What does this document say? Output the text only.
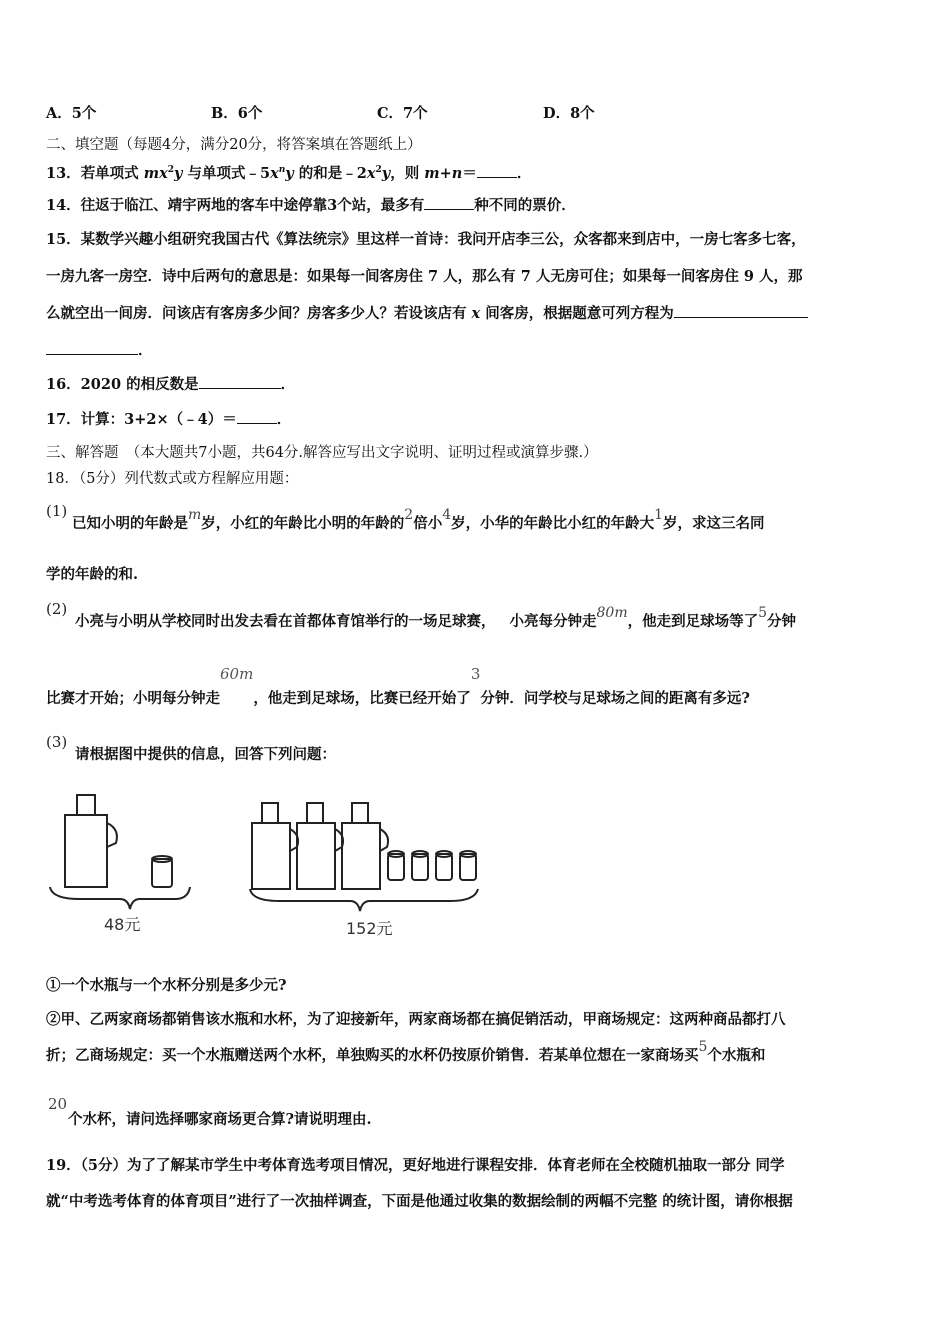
A．5个	B．6个	C．7个	D．8个
二、填空题（每题4分，满分20分，将答案填在答题纸上）
13．若单项式 $mx^2y$ 与单项式$﹣5x^ny$ 的和是$﹣2x^2y$，则 m+n＝	．
14．往返于临江、靖宇两地的客车中途停靠3个站，最多有	种不同的票价．
15．某数学兴趣小组研究我国古代《算法统宗》里这样一首诗：我问开店李三公，众客都来到店中，一房七客多七客，
一房九客一房空．诗中后两句的意思是：如果每一间客房住 7 人，那么有 7 人无房可住；如果每一间客房住 9 人，那
么就空出一间房．问该店有客房多少间？房客多少人？若设该店有 x 间客房，根据题意可列方程为
．
16．2020 的相反数是	．
17．计算：3+2×（﹣4）＝	．
三、解答题　（本大题共7小题，共64分.解答应写出文字说明、证明过程或演算步骤.）
18．（5分）列代数式或方程解应用题：
(1)
已知小明的年龄是m岁，小红的年龄比小明的年龄的2倍小4岁，小华的年龄比小红的年龄大1岁，求这三名同
学的年龄的和.
(2)
小亮与小明从学校同时出发去看在首都体育馆举行的一场足球赛， 小亮每分钟走80m，他走到足球场等了5分钟
比赛才开始；小明每分钟走60m，他走到足球场，比赛已经开始了3分钟．问学校与足球场之间的距离有多远?
(3)
请根据图中提供的信息，回答下列问题：
48元	152元
①一个水瓶与一个水杯分别是多少元?
②甲、乙两家商场都销售该水瓶和水杯，为了迎接新年，两家商场都在搞促销活动，甲商场规定：这两种商品都打八
折；乙商场规定：买一个水瓶赠送两个水杯，单独购买的水杯仍按原价销售．若某单位想在一家商场买5个水瓶和
20
个水杯，请问选择哪家商场更合算?请说明理由.
19．（5分）为了了解某市学生中考体育选考项目情况，更好地进行课程安排．体育老师在全校随机抽取一部分 同学
就“中考选考体育的体育项目”进行了一次抽样调查，下面是他通过收集的数据绘制的两幅不完整 的统计图，请你根据
